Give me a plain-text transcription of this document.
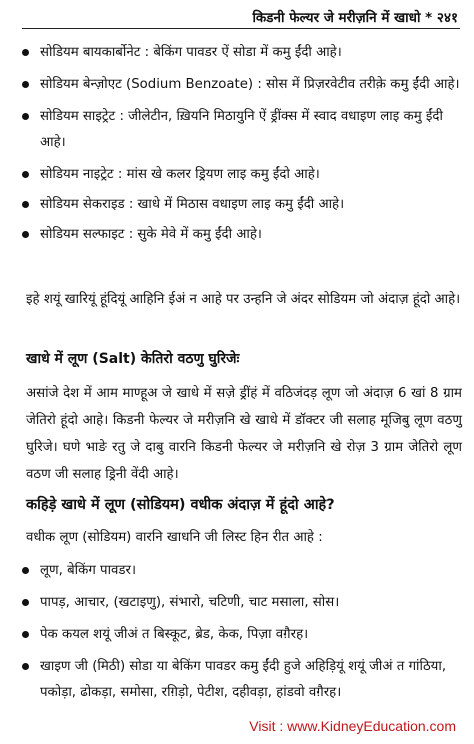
किडनी फेल्यर जे मरीज़नि में खाधो * २४१
सोडियम बायकार्बोनेट : बेकिंग पावडर ऐं सोडा में कमु ईंदी आहे।
सोडियम बेन्ज़ोएट (Sodium Benzoate) : सोस में प्रिज़रवेटीव तरीक़े कमु ईंदी आहे।
सोडियम साइट्रेट : जीलेटीन, ख़ियनि मिठायुनि ऐं ड्रींक्स में स्वाद वधाइण लाइ कमु ईंदी आहे।
सोडियम नाइट्रेट : मांस खे कलर ड्रियण लाइ कमु ईंदो आहे।
सोडियम सेकराइड : खाधे में मिठास वधाइण लाइ कमु ईंदी आहे।
सोडियम सल्फाइट : सुके मेवे में कमु ईंदी आहे।

इहे शयूं खारियूं हूंदियूं आहिनि ईअं न आहे पर उन्हनि जे अंदर सोडियम जो अंदाज़ हूंदो आहे।

खाधे में लूण (Salt) केतिरो वठणु घुरिजेः

असांजे देश में आम माण्हूअ जे खाधे में सज़े ड्रींहं में वठिजंदड़ लूण जो अंदाज़ 6 खां 8 ग्राम जेतिरो हूंदो आहे। किडनी फेल्यर जे मरीज़नि खे खाधे में डॉक्टर जी सलाह मूजिबु लूण वठणु घुरिजे। घणे भाङे रतु जे दाबु वारनि किडनी फेल्यर जे मरीज़नि खे रोज़ 3 ग्राम जेतिरो लूण वठण जी सलाह ड्रिनी वेंदी आहे।

कहिड़े खाधे में लूण (सोडियम) वधीक अंदाज़ में हूंदो आहे?

वधीक लूण (सोडियम) वारनि खाधनि जी लिस्ट हिन रीत आहे :

लूण, बेकिंग पावडर।
पापड़, आचार, (खटाइणु), संभारो, चटिणी, चाट मसाला, सोस।
पेक कयल शयूं जीअं त बिस्कूट, ब्रेड, केक, पिज़ा वग़ैरह।
खाइण जी (मिठी) सोडा या बेकिंग पावडर कमु ईंदी हुजे अहिड़ियूं शयूं जीअं त गांठिया, पकोड़ा, ढोकड़ा, समोसा, रग़िड़ो, पेटीश, दहीवड़ा, हांडवो वग़ैरह।
Visit : www.KidneyEducation.com
